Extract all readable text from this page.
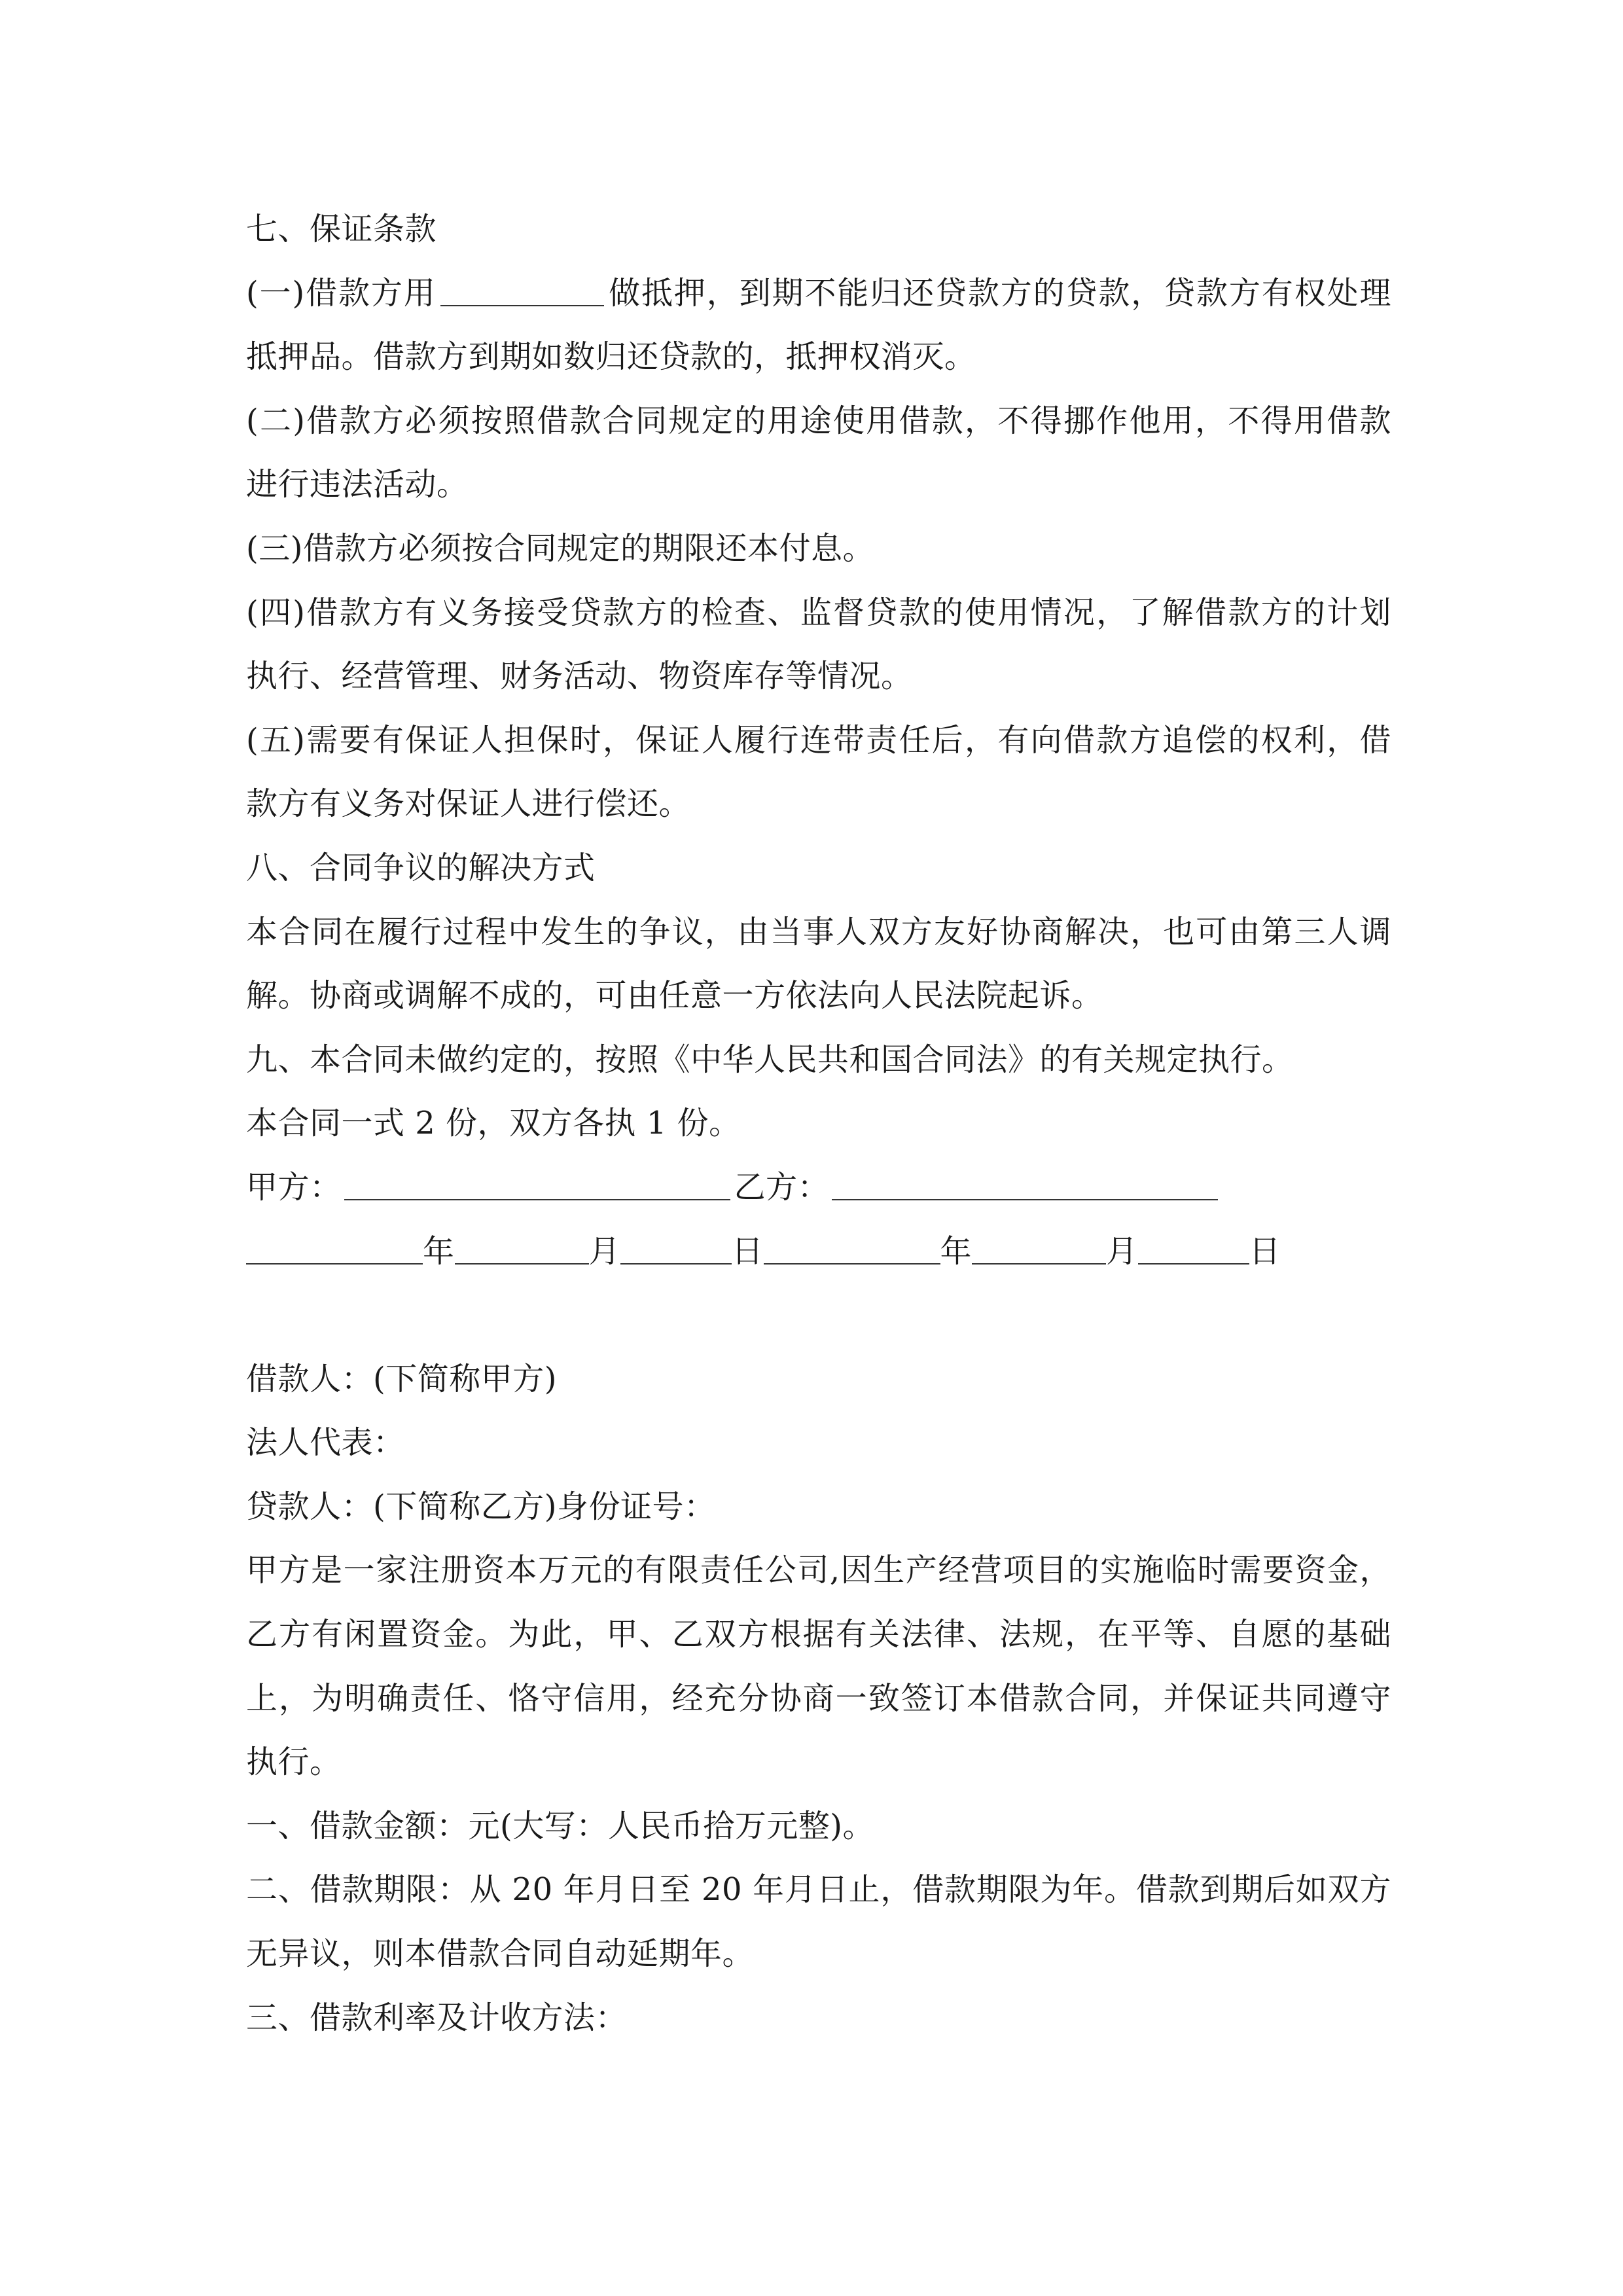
七、保证条款
(一)借款方用	做抵押，到期不能归还贷款方的贷款，贷款方有权处理
抵押品。借款方到期如数归还贷款的，抵押权消灭。
(二)借款方必须按照借款合同规定的用途使用借款，不得挪作他用，不得用借款
进行违法活动。
(三)借款方必须按合同规定的期限还本付息。
(四)借款方有义务接受贷款方的检查、监督贷款的使用情况，了解借款方的计划
执行、经营管理、财务活动、物资库存等情况。
(五)需要有保证人担保时，保证人履行连带责任后，有向借款方追偿的权利，借
款方有义务对保证人进行偿还。
八、合同争议的解决方式
本合同在履行过程中发生的争议，由当事人双方友好协商解决，也可由第三人调
解。协商或调解不成的，可由任意一方依法向人民法院起诉。
九、本合同未做约定的，按照《中华人民共和国合同法》的有关规定执行。
本合同一式 2 份，双方各执 1 份。
甲方：	乙方：
年	月	日	年	月	日
借款人：(下简称甲方)
法人代表：
贷款人：(下简称乙方)身份证号：
甲方是一家注册资本万元的有限责任公司,因生产经营项目的实施临时需要资金，
乙方有闲置资金。为此，甲、乙双方根据有关法律、法规，在平等、自愿的基础
上，为明确责任、恪守信用，经充分协商一致签订本借款合同，并保证共同遵守
执行。
一、借款金额：元(大写：人民币拾万元整)。
二、借款期限：从 20 年月日至 20 年月日止，借款期限为年。借款到期后如双方
无异议，则本借款合同自动延期年。
三、借款利率及计收方法：
